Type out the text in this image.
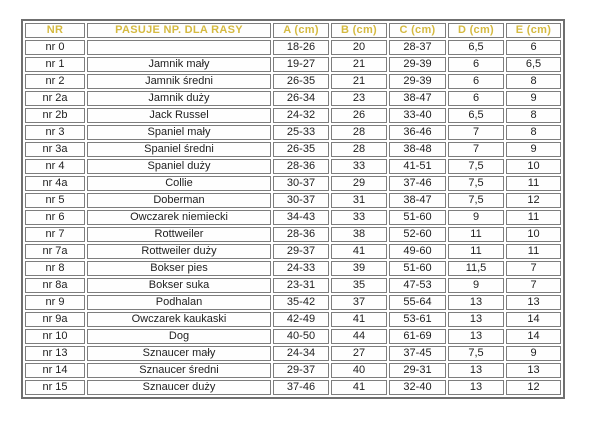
NR	PASUJE NP. DLA RASY	A (cm)	B (cm)	C (cm)	D (cm)	E (cm)
nr 0		18-26	20	28-37	6,5	6
nr 1	Jamnik mały	19-27	21	29-39	6	6,5
nr 2	Jamnik średni	26-35	21	29-39	6	8
nr 2a	Jamnik duży	26-34	23	38-47	6	9
nr 2b	Jack Russel	24-32	26	33-40	6,5	8
nr 3	Spaniel mały	25-33	28	36-46	7	8
nr 3a	Spaniel średni	26-35	28	38-48	7	9
nr 4	Spaniel duży	28-36	33	41-51	7,5	10
nr 4a	Collie	30-37	29	37-46	7,5	11
nr 5	Doberman	30-37	31	38-47	7,5	12
nr 6	Owczarek niemiecki	34-43	33	51-60	9	11
nr 7	Rottweiler	28-36	38	52-60	11	10
nr 7a	Rottweiler duży	29-37	41	49-60	11	11
nr 8	Bokser pies	24-33	39	51-60	11,5	7
nr 8a	Bokser suka	23-31	35	47-53	9	7
nr 9	Podhalan	35-42	37	55-64	13	13
nr 9a	Owczarek kaukaski	42-49	41	53-61	13	14
nr 10	Dog	40-50	44	61-69	13	14
nr 13	Sznaucer mały	24-34	27	37-45	7,5	9
nr 14	Sznaucer średni	29-37	40	29-31	13	13
nr 15	Sznaucer duży	37-46	41	32-40	13	12
